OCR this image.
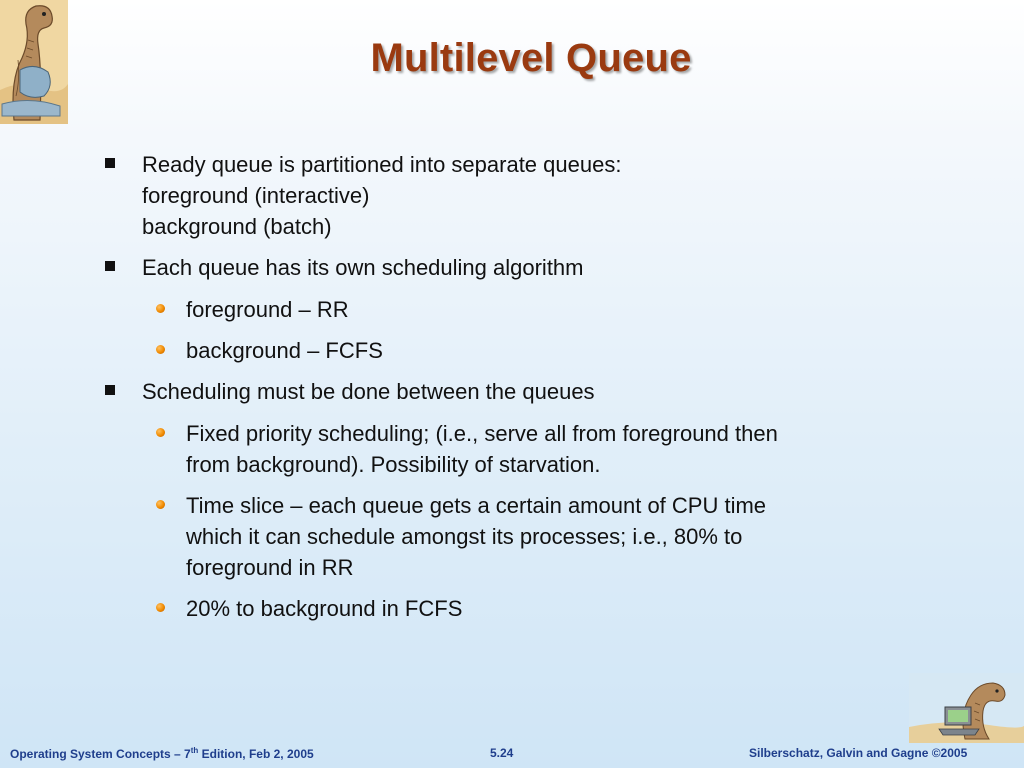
Multilevel Queue
Ready queue is partitioned into separate queues:
foreground (interactive)
background (batch)
Each queue has its own scheduling algorithm
foreground – RR
background – FCFS
Scheduling must be done between the queues
Fixed priority scheduling; (i.e., serve all from foreground then
from background). Possibility of starvation.
Time slice – each queue gets a certain amount of CPU time
which it can schedule amongst its processes; i.e., 80% to
foreground in RR
20% to background in FCFS
Operating System Concepts – 7th Edition, Feb 2, 2005	5.24	Silberschatz, Galvin and Gagne ©2005
